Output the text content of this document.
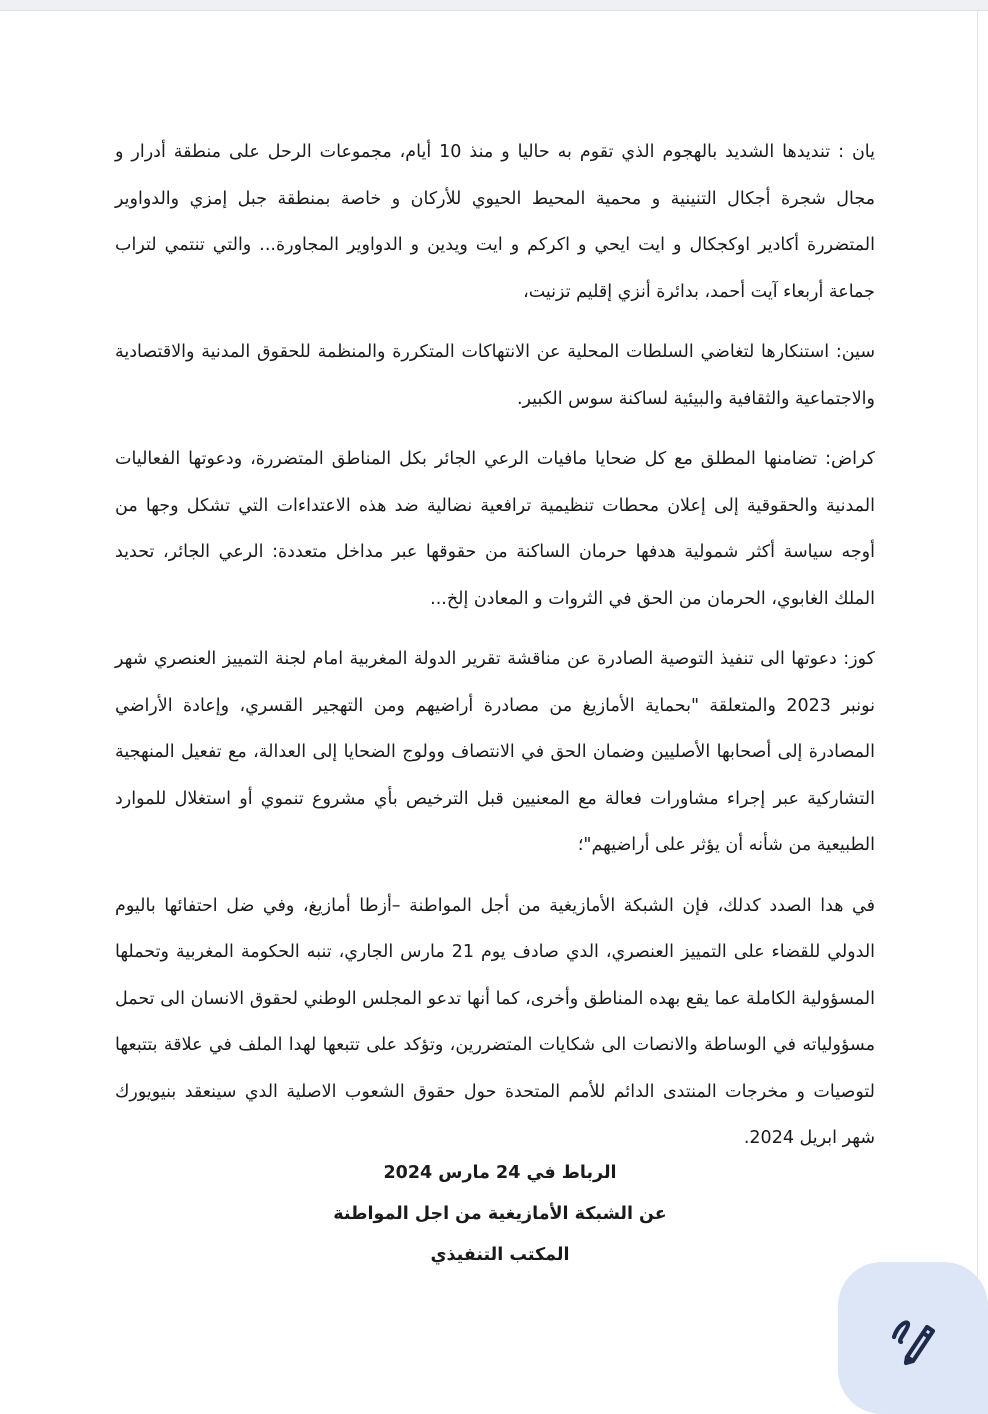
يان : تنديدها الشديد بالهجوم الذي تقوم به حاليا و منذ 10 أيام، مجموعات الرحل على منطقة أدرار و مجال شجرة أجكال التنينية و محمية المحيط الحيوي للأركان و خاصة بمنطقة جبل إمزي والدواوير المتضررة أكادير اوكجكال و ايت ايحي و اكركم و ايت ويدين و الدواوير المجاورة... والتي تنتمي لتراب جماعة أربعاء آيت أحمد، بدائرة أنزي إقليم تزنيت،

سين: استنكارها لتغاضي السلطات المحلية عن الانتهاكات المتكررة والمنظمة للحقوق المدنية والاقتصادية والاجتماعية والثقافية والبيئية لساكنة سوس الكبير.

كراض: تضامنها المطلق مع كل ضحايا مافيات الرعي الجائر بكل المناطق المتضررة، ودعوتها الفعاليات المدنية والحقوقية إلى إعلان محطات تنظيمية ترافعية نضالية ضد هذه الاعتداءات التي تشكل وجها من أوجه سياسة أكثر شمولية هدفها حرمان الساكنة من حقوقها عبر مداخل متعددة: الرعي الجائر، تحديد الملك الغابوي، الحرمان من الحق في الثروات و المعادن إلخ...

كوز: دعوتها الى تنفيذ التوصية الصادرة عن مناقشة تقرير الدولة المغربية امام لجنة التمييز العنصري شهر نونبر 2023 والمتعلقة "بحماية الأمازيغ من مصادرة أراضيهم ومن التهجير القسري، وإعادة الأراضي المصادرة إلى أصحابها الأصليين وضمان الحق في الانتصاف وولوج الضحايا إلى العدالة، مع تفعيل المنهجية التشاركية عبر إجراء مشاورات فعالة مع المعنيين قبل الترخيص بأي مشروع تنموي أو استغلال للموارد الطبيعية من شأنه أن يؤثر على أراضيهم"؛

في هدا الصدد كدلك، فإن الشبكة الأمازيغية من أجل المواطنة –أزطا أمازيغ، وفي ضل احتفائها باليوم الدولي للقضاء على التمييز العنصري، الدي صادف يوم 21 مارس الجاري، تنبه الحكومة المغربية وتحملها المسؤولية الكاملة عما يقع بهده المناطق وأخرى، كما أنها تدعو المجلس الوطني لحقوق الانسان الى تحمل مسؤولياته في الوساطة والانصات الى شكايات المتضررين، وتؤكد على تتبعها لهدا الملف في علاقة بتتبعها لتوصيات و مخرجات المنتدى الدائم للأمم المتحدة حول حقوق الشعوب الاصلية الدي سينعقد بنيويورك شهر ابريل 2024.

الرباط في 24 مارس 2024
عن الشبكة الأمازيغية من اجل المواطنة
المكتب التنفيذي
